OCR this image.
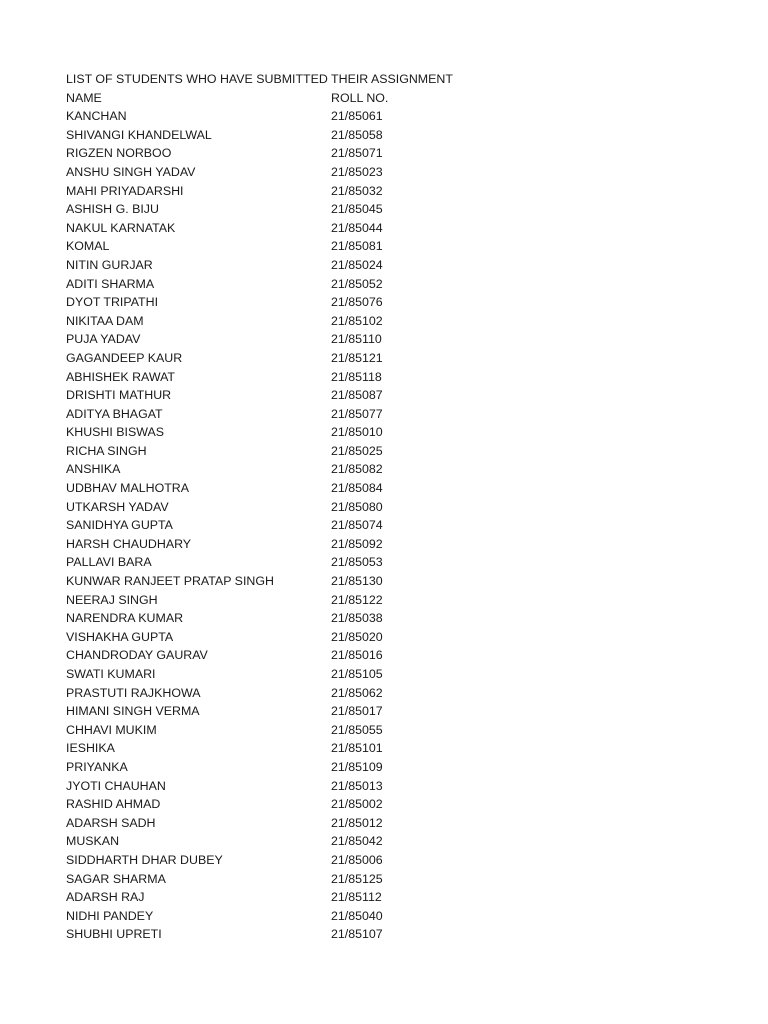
LIST OF STUDENTS WHO HAVE SUBMITTED THEIR ASSIGNMENT
NAME	ROLL NO.
KANCHAN	21/85061
SHIVANGI KHANDELWAL	21/85058
RIGZEN NORBOO	21/85071
ANSHU SINGH YADAV	21/85023
MAHI PRIYADARSHI	21/85032
ASHISH G. BIJU	21/85045
NAKUL KARNATAK	21/85044
KOMAL	21/85081
NITIN GURJAR	21/85024
ADITI SHARMA	21/85052
DYOT TRIPATHI	21/85076
NIKITAA DAM	21/85102
PUJA YADAV	21/85110
GAGANDEEP KAUR	21/85121
ABHISHEK RAWAT	21/85118
DRISHTI MATHUR	21/85087
ADITYA BHAGAT	21/85077
KHUSHI BISWAS	21/85010
RICHA SINGH	21/85025
ANSHIKA	21/85082
UDBHAV MALHOTRA	21/85084
UTKARSH YADAV	21/85080
SANIDHYA GUPTA	21/85074
HARSH CHAUDHARY	21/85092
PALLAVI BARA	21/85053
KUNWAR RANJEET PRATAP SINGH	21/85130
NEERAJ SINGH	21/85122
NARENDRA KUMAR	21/85038
VISHAKHA GUPTA	21/85020
CHANDRODAY GAURAV	21/85016
SWATI KUMARI	21/85105
PRASTUTI RAJKHOWA	21/85062
HIMANI SINGH VERMA	21/85017
CHHAVI MUKIM	21/85055
IESHIKA	21/85101
PRIYANKA	21/85109
JYOTI CHAUHAN	21/85013
RASHID AHMAD	21/85002
ADARSH SADH	21/85012
MUSKAN	21/85042
SIDDHARTH DHAR DUBEY	21/85006
SAGAR SHARMA	21/85125
ADARSH RAJ	21/85112
NIDHI PANDEY	21/85040
SHUBHI UPRETI	21/85107
